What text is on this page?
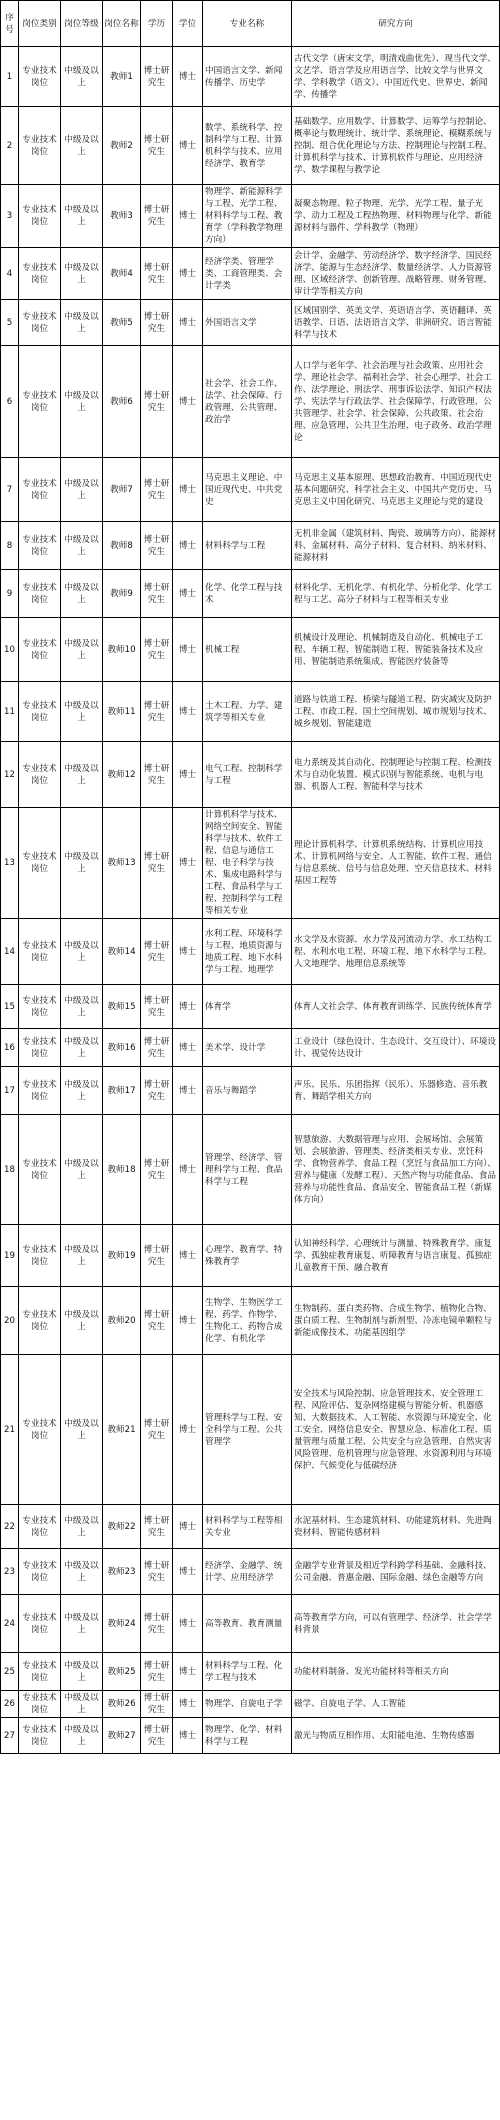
序号	岗位类别	岗位等级	岗位名称	学历	学位	专业名称	研究方向
1	专业技术岗位	中级及以上	教师1	博士研究生	博士	中国语言文学、新闻传播学、历史学	古代文学（唐宋文学，明清戏曲优先）、现当代文学、文艺学、语言学及应用语言学、比较文学与世界文学、学科教学（语文）、中国近代史、世界史、新闻学、传播学
2	专业技术岗位	中级及以上	教师2	博士研究生	博士	数学、系统科学、控制科学与工程、计算机科学与技术、应用经济学、教育学	基础数学、应用数学、计算数学、运筹学与控制论、概率论与数理统计、统计学、系统理论、模糊系统与控制、组合优化理论与方法、控制理论与控制工程、计算机科学与技术、计算机软件与理论、应用经济学、数学课程与教学论
3	专业技术岗位	中级及以上	教师3	博士研究生	博士	物理学、新能源科学与工程、光学工程、材料科学与工程、教育学（学科教学物理方向）	凝聚态物理、粒子物理、光学、光学工程、量子光学、动力工程及工程热物理、材料物理与化学、新能源材料与器件、学科教学（物理）
4	专业技术岗位	中级及以上	教师4	博士研究生	博士	经济学类、管理学类、工商管理类、会计学类	会计学、金融学、劳动经济学、数字经济学、国民经济学、能源与生态经济学、数量经济学、人力资源管理、区域经济学、创新管理、战略管理、财务管理、审计学等相关方向
5	专业技术岗位	中级及以上	教师5	博士研究生	博士	外国语言文学	区域国别学、英美文学、英语语言学、英语翻译、英语教学、日语、法语语言文学、非洲研究、语言智能科学与技术
6	专业技术岗位	中级及以上	教师6	博士研究生	博士	社会学、社会工作、法学、社会保障、行政管理、公共管理、政治学	人口学与老年学、社会治理与社会政策、应用社会学、理论社会学、福利社会学、社会心理学、社会工作、法学理论、刑法学、刑事诉讼法学、知识产权法学、宪法学与行政法学、社会保障学、行政管理、公共管理学、社会学、社会保障、公共政策、社会治理、应急管理、公共卫生治理、电子政务、政治学理论
7	专业技术岗位	中级及以上	教师7	博士研究生	博士	马克思主义理论、中国近现代史、中共党史	马克思主义基本原理、思想政治教育、中国近现代史基本问题研究、科学社会主义、中国共产党历史、马克思主义中国化研究、马克思主义理论与党的建设
8	专业技术岗位	中级及以上	教师8	博士研究生	博士	材料科学与工程	无机非金属（建筑材料、陶瓷、玻璃等方向）、能源材料、金属材料、高分子材料、复合材料、纳米材料、能源材料
9	专业技术岗位	中级及以上	教师9	博士研究生	博士	化学、化学工程与技术	材料化学、无机化学、有机化学、分析化学、化学工程与工艺、高分子材料与工程等相关专业
10	专业技术岗位	中级及以上	教师10	博士研究生	博士	机械工程	机械设计及理论、机械制造及自动化、机械电子工程、车辆工程、智能制造工程、智能装备技术及应用、智能制造系统集成、智能医疗装备等
11	专业技术岗位	中级及以上	教师11	博士研究生	博士	土木工程、力学、建筑学等相关专业	道路与铁道工程、桥梁与隧道工程、防灾减灾及防护工程、市政工程、国土空间规划、城市规划与技术、城乡规划、智能建造
12	专业技术岗位	中级及以上	教师12	博士研究生	博士	电气工程、控制科学与工程	电力系统及其自动化、控制理论与控制工程、检测技术与自动化装置、模式识别与智能系统、电机与电器、机器人工程、智能科学与技术
13	专业技术岗位	中级及以上	教师13	博士研究生	博士	计算机科学与技术、网络空间安全、智能科学与技术、软件工程、信息与通信工程、电子科学与技术、集成电路科学与工程、食品科学与工程、控制科学与工程等相关专业	理论计算机科学、计算机系统结构、计算机应用技术、计算机网络与安全、人工智能、软件工程、通信与信息系统、信号与信息处理、空天信息技术、材料基因工程等
14	专业技术岗位	中级及以上	教师14	博士研究生	博士	水利工程、环境科学与工程、地质资源与地质工程、地下水科学与工程、地理学	水文学及水资源、水力学及河流动力学、水工结构工程、水利水电工程、环境工程、地下水科学与工程、人文地理学、地理信息系统等
15	专业技术岗位	中级及以上	教师15	博士研究生	博士	体育学	体育人文社会学、体育教育训练学、民族传统体育学
16	专业技术岗位	中级及以上	教师16	博士研究生	博士	美术学、设计学	工业设计（绿色设计、生态设计、交互设计）、环境设计、视觉传达设计
17	专业技术岗位	中级及以上	教师17	博士研究生	博士	音乐与舞蹈学	声乐、民乐、乐团指挥（民乐）、乐器修造、音乐教育、舞蹈学相关方向
18	专业技术岗位	中级及以上	教师18	博士研究生	博士	管理学、经济学、管理科学与工程、食品科学与工程	智慧旅游、大数据管理与应用、会展场馆、会展策划、会展旅游、管理类、经济类相关专业、烹饪科学、食物营养学、食品工程（烹饪与食品加工方向）、营养与健康（发酵工程）、天然产物与功能食品、食品营养与功能性食品、食品安全、智能食品工程（新媒体方向）
19	专业技术岗位	中级及以上	教师19	博士研究生	博士	心理学、教育学、特殊教育学	认知神经科学、心理统计与测量、特殊教育学、康复学、孤独症教育康复、听障教育与语言康复、孤独症儿童教育干预、融合教育
20	专业技术岗位	中级及以上	教师20	博士研究生	博士	生物学、生物医学工程、药学、作物学、生物化工、药物合成化学、有机化学	生物制药、蛋白类药物、合成生物学、植物化合物、蛋白质工程、生物制剂与新剂型、冷冻电镜单颗粒与新能成像技术、功能基因组学
21	专业技术岗位	中级及以上	教师21	博士研究生	博士	管理科学与工程、安全科学与工程、公共管理学	安全技术与风险控制、应急管理技术、安全管理工程、风险评估、复杂网络建模与智能分析、机器感知、大数据技术、人工智能、水资源与环境安全、化工安全、网络信息安全、智慧应急、标准化工程、质量管理与质量工程、公共安全与应急管理、自然灾害风险管理、危机管理与应急管理、水资源利用与环境保护、气候变化与低碳经济
22	专业技术岗位	中级及以上	教师22	博士研究生	博士	材料科学与工程等相关专业	水泥基材料、生态建筑材料、功能建筑材料、先进陶瓷材料、智能传感材料
23	专业技术岗位	中级及以上	教师23	博士研究生	博士	经济学、金融学、统计学、应用经济学	金融学专业背景及相近学科跨学科基础、金融科技、公司金融、普惠金融、国际金融、绿色金融等方向
24	专业技术岗位	中级及以上	教师24	博士研究生	博士	高等教育、教育测量	高等教育学方向，可以有管理学、经济学、社会学学科背景
25	专业技术岗位	中级及以上	教师25	博士研究生	博士	材料科学与工程、化学工程与技术	功能材料制备、发光功能材料等相关方向
26	专业技术岗位	中级及以上	教师26	博士研究生	博士	物理学、自旋电子学	磁学、自旋电子学、人工智能
27	专业技术岗位	中级及以上	教师27	博士研究生	博士	物理学、化学、材料科学与工程	激光与物质互相作用、太阳能电池、生物传感器
